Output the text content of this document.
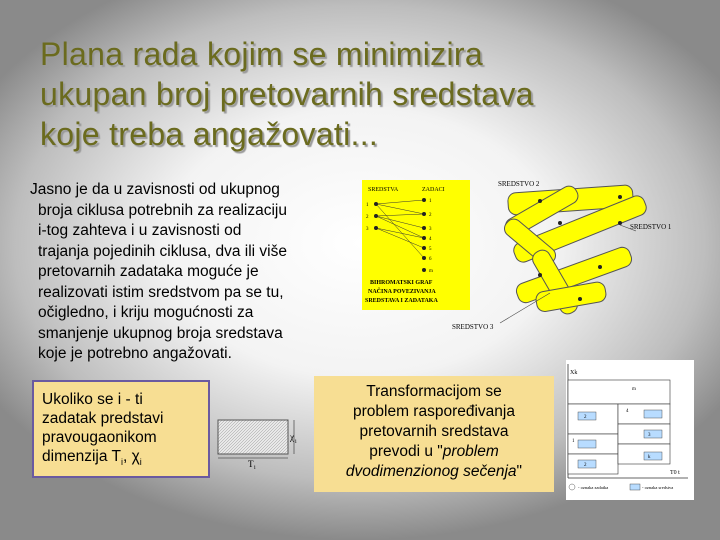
Plana rada kojim se minimizira
ukupan broj pretovarnih sredstava
koje treba angažovati...
Jasno je da u zavisnosti od ukupnog
broja ciklusa potrebnih za realizaciju
i-tog zahteva i u zavisnosti od
trajanja pojedinih ciklusa, dva ili više
pretovarnih zadataka moguće je
realizovati istim sredstvom pa se tu,
očigledno, i kriju mogućnosti za
smanjenje ukupnog broja sredstava
koje je potrebno angažovati.
SREDSTVA	ZADACI
1
2
3
1
2
3
4
5
6
m
BIHROMATSKI GRAF
NAČINA POVEZIVANJA
SREDSTAVA I ZADATAKA
SREDSTVO 2
SREDSTVO 1
SREDSTVO 3
Ukoliko se i - ti
zadatak predstavi
pravougaonikom
dimenzija $T_i$, $\chi_i$
χ i
T i
Transformacijom se
problem raspoređivanja
pretovarnih sredstava
prevodi u "problem
dvodimenzionog sečenja"
Xk
T0 t
m
4
2
1
3
2
k
- oznaka zadatka	- oznaka sredstva
